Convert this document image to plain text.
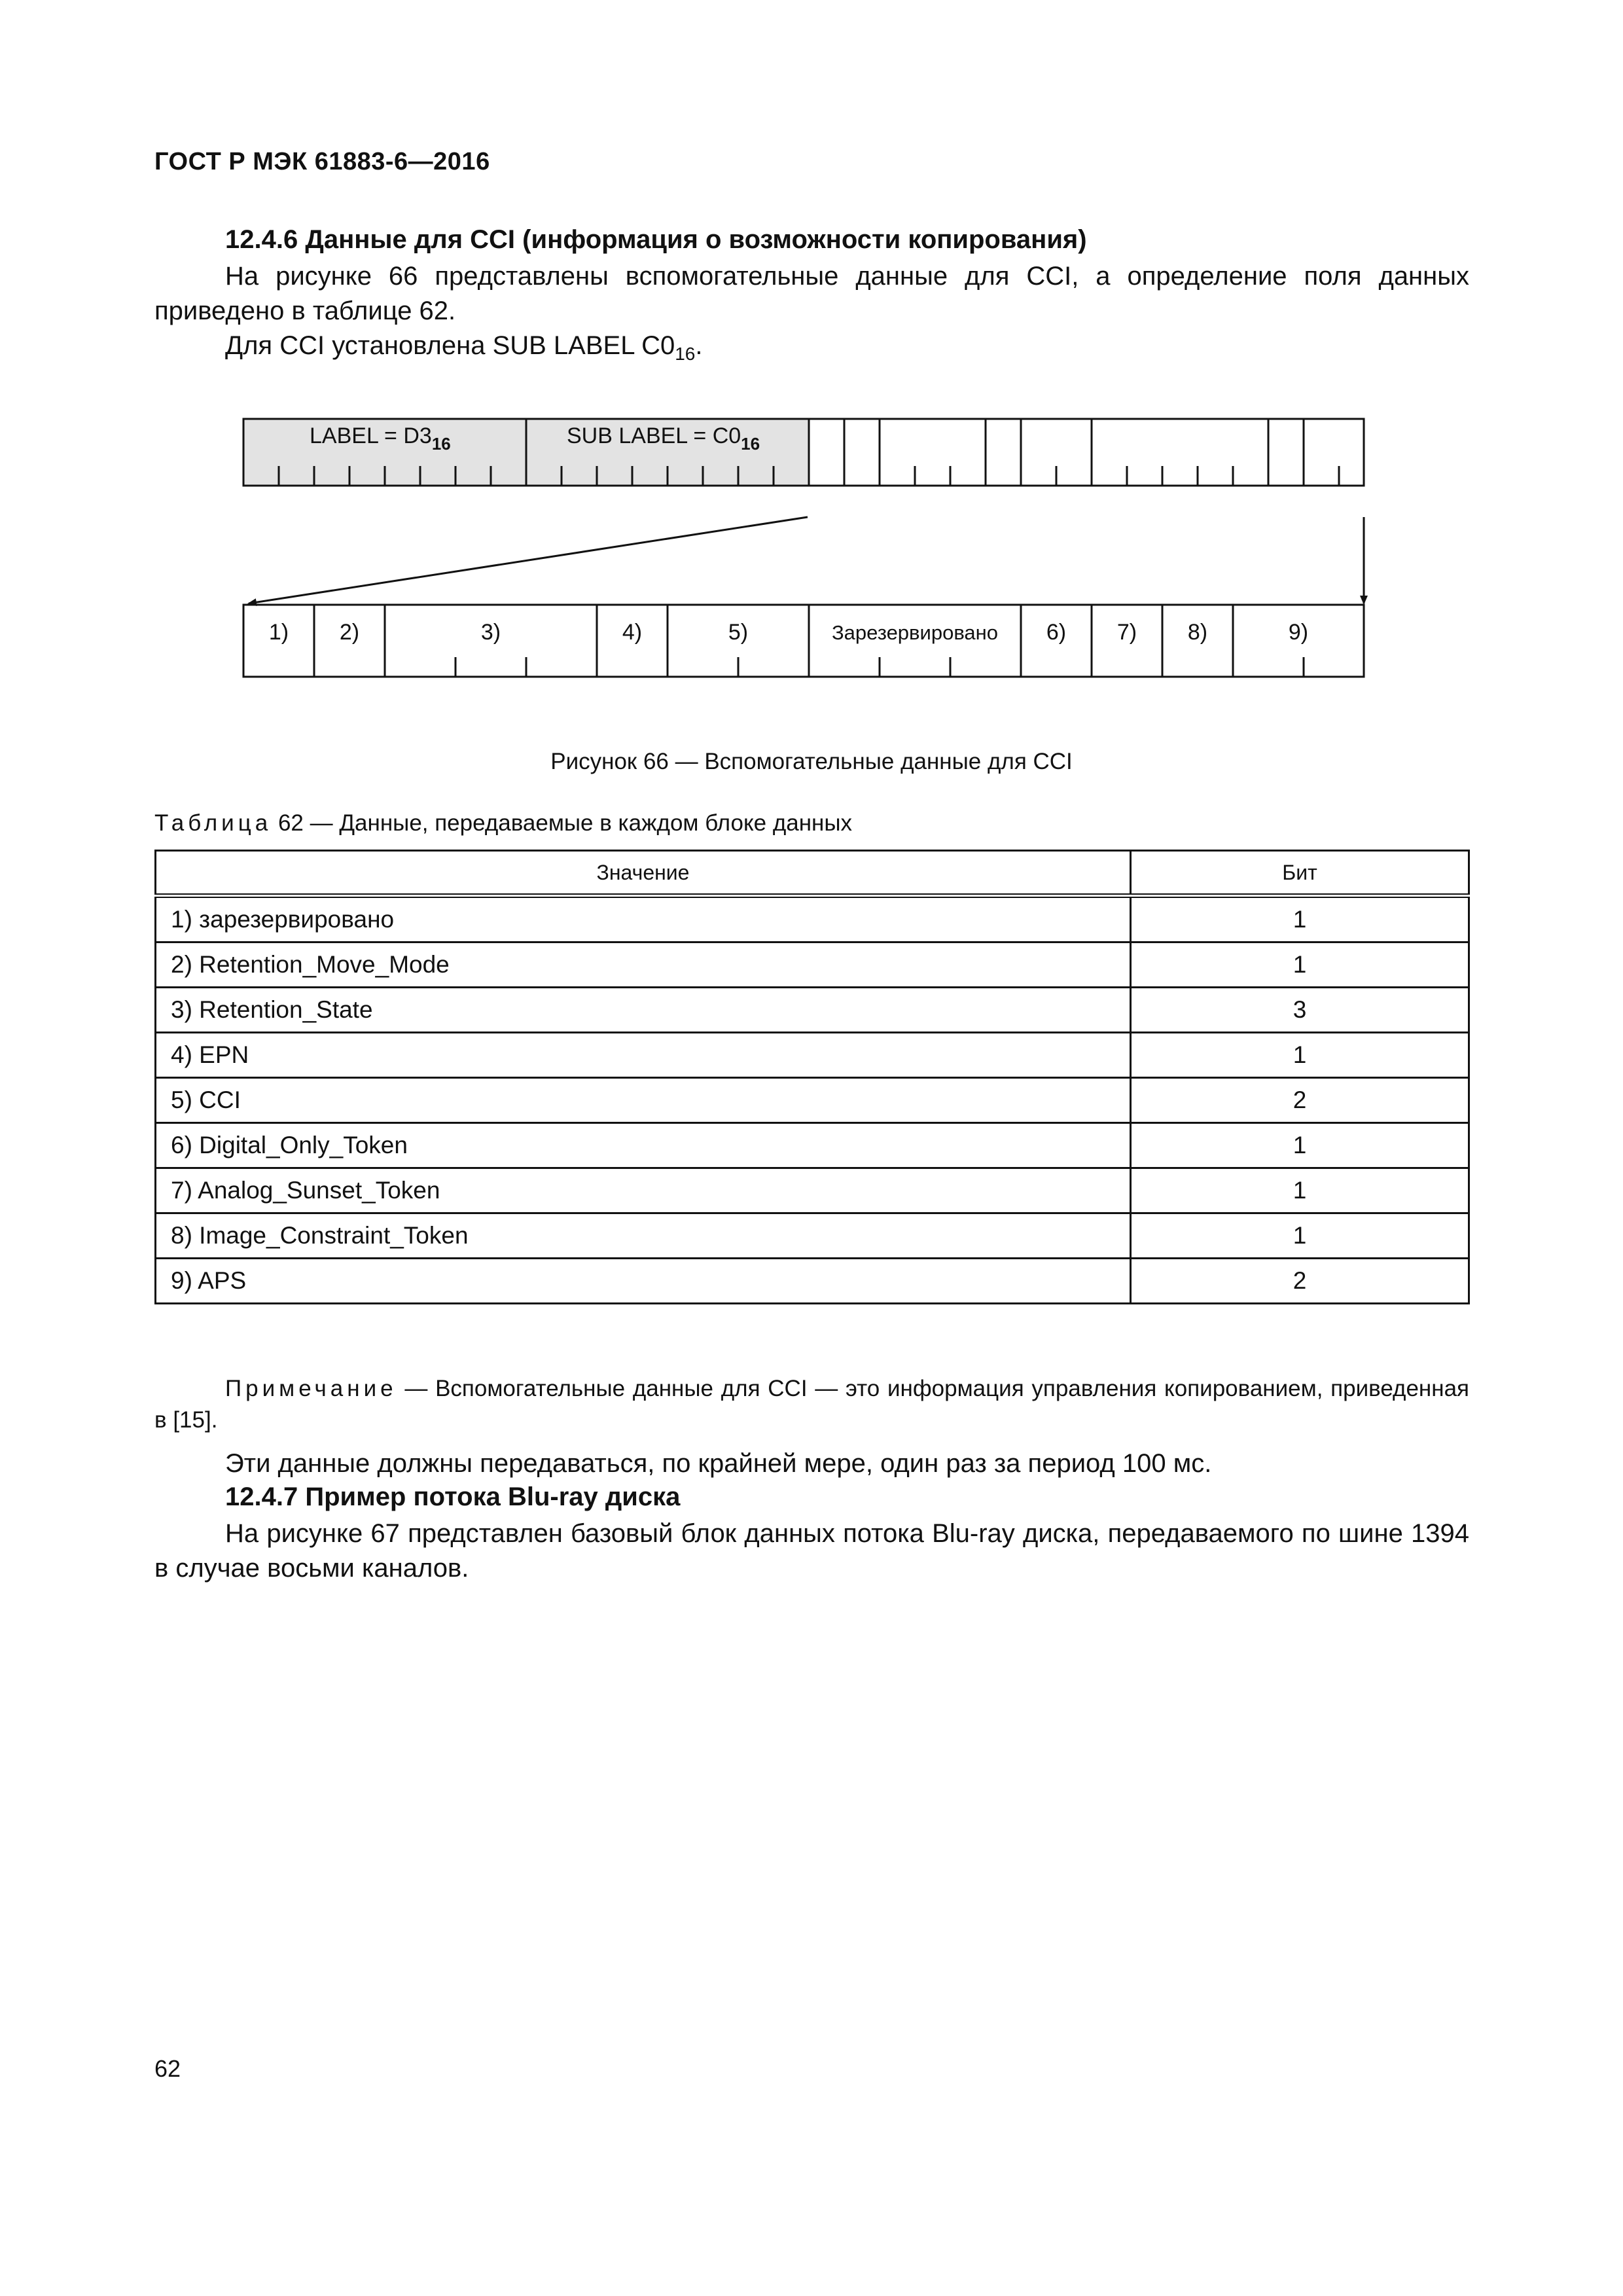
ГОСТ Р МЭК 61883-6—2016
12.4.6 Данные для CCI (информация о возможности копирования)
На рисунке 66 представлены вспомогательные данные для CCI, а определение поля данных приведено в таблице 62.
Для CCI установлена SUB LABEL $C0_{16}$.
LABEL = $D3_{16}$	SUB LABEL = $C0_{16}$
1) 2)	3)	4)	5)	Зарезервировано 6) 7) 8)	9)
Рисунок 66 — Вспомогательные данные для CCI
Таблица 62 — Данные, передаваемые в каждом блоке данных
Значение	Бит
1) зарезервировано	1
2) Retention_Move_Mode	1
3) Retention_State	3
4) EPN	1
5) CCI	2
6) Digital_Only_Token	1
7) Analog_Sunset_Token	1
8) Image_Constraint_Token	1
9) APS	2
Примечание — Вспомогательные данные для CCI — это информация управления копированием, приведенная в [15].
Эти данные должны передаваться, по крайней мере, один раз за период 100 мс.
12.4.7 Пример потока Blu-ray диска
На рисунке 67 представлен базовый блок данных потока Blu-ray диска, передаваемого по шине 1394 в случае восьми каналов.
62
